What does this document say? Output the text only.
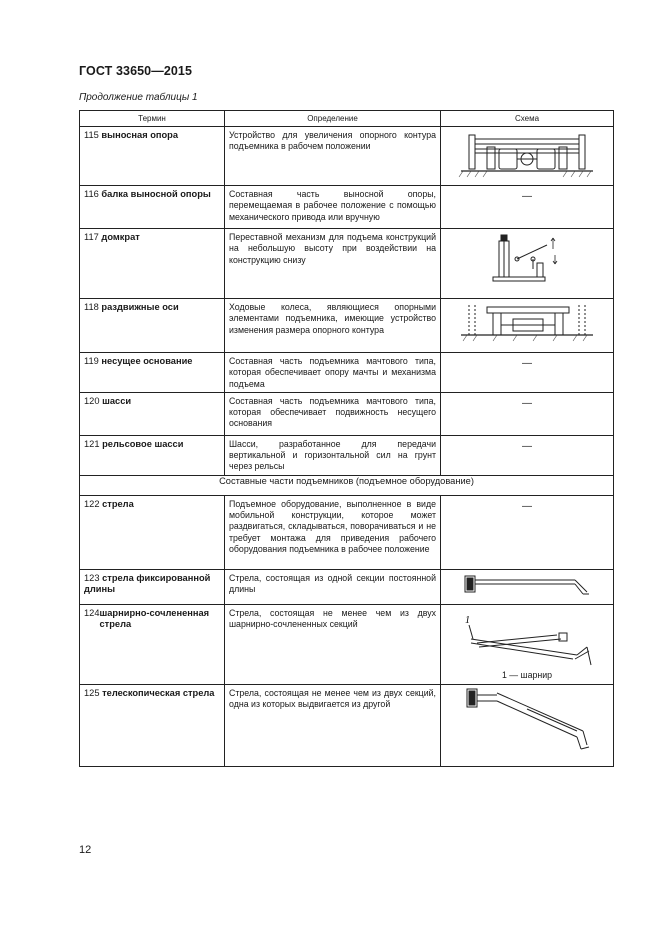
ГОСТ 33650—2015
Продолжение таблицы 1
Термин	Определение	Схема
115 выносная опора	Устройство для увеличения опорного контура подъемника в рабочем положении	

116 балка выносной опоры	Составная часть выносной опоры, перемещаемая в рабочее положение с помощью механического привода или вручную	—
117 домкрат	Переставной механизм для подъема конструкций на небольшую высоту при воздействии на конструкцию снизу	

118 раздвижные оси	Ходовые колеса, являющиеся опорными элементами подъемника, имеющие устройство изменения размера опорного контура	

119 несущее основание	Составная часть подъемника мачтового типа, которая обеспечивает опору мачты и механизма подъема	—
120 шасси	Составная часть подъемника мачтового типа, которая обеспечивает подвижность несущего основания	—
121 рельсовое шасси	Шасси, разработанное для передачи вертикальной и горизонтальной сил на грунт через рельсы	—
Составные части подъемников (подъемное оборудование)		
122 стрела	Подъемное оборудование, выполненное в виде мобильной конструкции, которое может раздвигаться, складываться, поворачиваться и не требует монтажа для приведения рабочего оборудования подъемника в рабочее положение	—
123 стрела фиксированной длины	Стрела, состоящая из одной секции постоянной длины	

124 шарнирно-сочлененная стрела	Стрела, состоящая не менее чем из двух шарнирно-сочлененных секций	1
1 — шарнир

125 телескопическая стрела	Стрела, состоящая не менее чем из двух секций, одна из которых выдвигается из другой	
12
